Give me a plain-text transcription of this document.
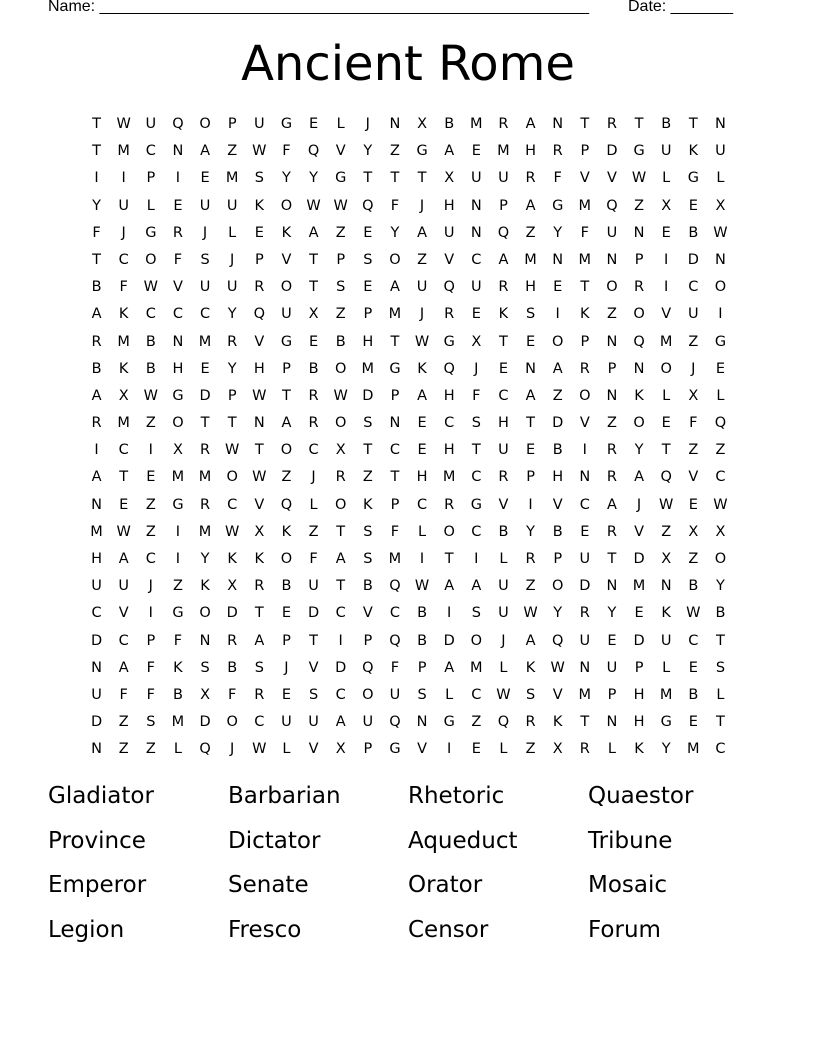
Name: _______________________________________________________ Date: _______
Ancient Rome
T	W	U	Q	O	P	U	G	E	L	J	N	X	B	M	R	A	N	T	R	T	B	T	N
T	M	C	N	A	Z	W	F	Q	V	Y	Z	G	A	E	M	H	R	P	D	G	U	K	U
I	I	P	I	E	M	S	Y	Y	G	T	T	T	X	U	U	R	F	V	V	W	L	G	L
Y	U	L	E	U	U	K	O W W Q	F	J	H	N	P	A	G	M	Q	Z	X	E	X
F	J	G	R	J	L	E	K	A	Z	E	Y	A	U	N	Q	Z	Y	F	U	N	E	B	W
T	C	O	F	S	J	P	V	T	P	S	O	Z	V	C	A	M	N	M	N	P	I	D	N
B	F	W	V	U	U	R	O	T	S	E	A	U	Q	U	R	H	E	T	O	R	I	C	O
A	K	C	C	C	Y	Q	U	X	Z	P	M	J	R	E	K	S	I	K	Z	O	V	U	I
R	M	B	N	M	R	V	G	E	B	H	T	W G	X	T	E	O	P	N	Q	M	Z	G
B	K	B	H	E	Y	H	P	B	O	M	G	K	Q	J	E	N	A	R	P	N	O	J	E
A	X	W G	D	P	W	T	R	W D	P	A	H	F	C	A	Z	O	N	K	L	X	L
R	M	Z	O	T	T	N	A	R	O	S	N	E	C	S	H	T	D	V	Z	O	E	F	Q
I	C	I	X	R	W	T	O	C	X	T	C	E	H	T	U	E	B	I	R	Y	T	Z	Z
A	T	E	M	M	O W	Z	J	R	Z	T	H	M	C	R	P	H	N	R	A	Q	V	C
N	E	Z	G	R	C	V	Q	L	O	K	P	C	R	G	V	I	V	C	A	J	W	E	W
M W	Z	I	M W	X	K	Z	T	S	F	L	O	C	B	Y	B	E	R	V	Z	X	X
H	A	C	I	Y	K	K	O	F	A	S	M	I	T	I	L	R	P	U	T	D	X	Z	O
U	U	J	Z	K	X	R	B	U	T	B	Q W	A	A	U	Z	O	D	N	M	N	B	Y
C	V	I	G	O	D	T	E	D	C	V	C	B	I	S	U	W	Y	R	Y	E	K	W	B
D	C	P	F	N	R	A	P	T	I	P	Q	B	D	O	J	A	Q	U	E	D	U	C	T
N	A	F	K	S	B	S	J	V	D	Q	F	P	A	M	L	K	W	N	U	P	L	E	S
U	F	F	B	X	F	R	E	S	C	O	U	S	L	C	W	S	V	M	P	H	M	B	L
D	Z	S	M	D	O	C	U	U	A	U	Q	N	G	Z	Q	R	K	T	N	H	G	E	T
N	Z	Z	L	Q	J	W	L	V	X	P	G	V	I	E	L	Z	X	R	L	K	Y	M	C
Gladiator	Barbarian	Rhetoric	Quaestor
Province	Dictator	Aqueduct	Tribune
Emperor	Senate	Orator	Mosaic
Legion	Fresco	Censor	Forum
